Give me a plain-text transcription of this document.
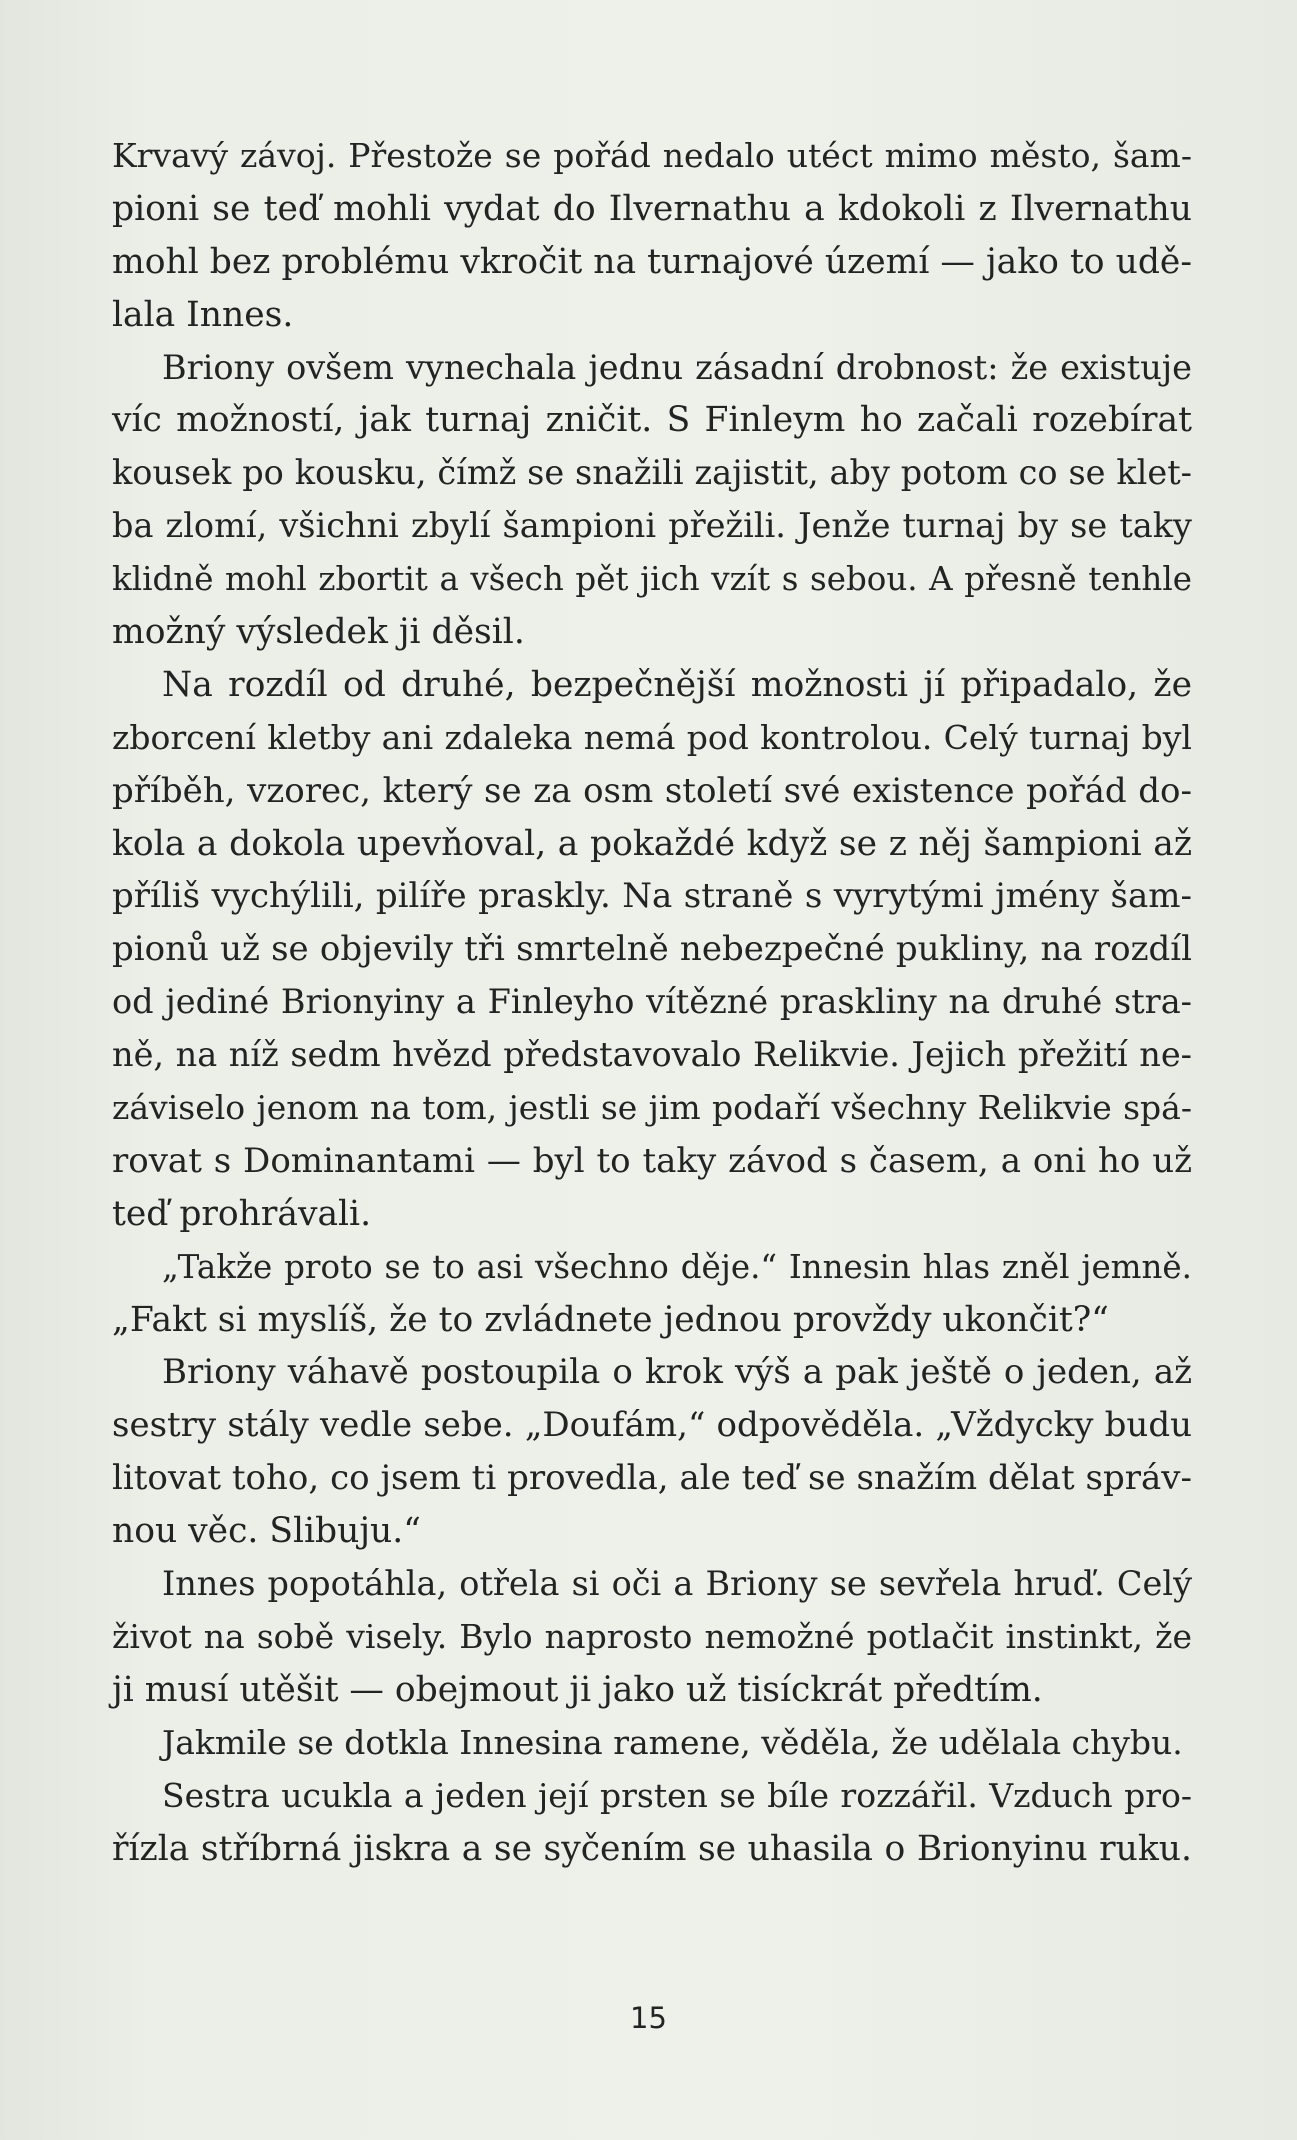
Krvavý závoj. Přestože se pořád nedalo utéct mimo město, šam-
pioni se teď mohli vydat do Ilvernathu a kdokoli z Ilvernathu
mohl bez problému vkročit na turnajové území — jako to udě-
lala Innes.
Briony ovšem vynechala jednu zásadní drobnost: že existuje
víc možností, jak turnaj zničit. S Finleym ho začali rozebírat
kousek po kousku, čímž se snažili zajistit, aby potom co se klet-
ba zlomí, všichni zbylí šampioni přežili. Jenže turnaj by se taky
klidně mohl zbortit a všech pět jich vzít s sebou. A přesně tenhle
možný výsledek ji děsil.
Na rozdíl od druhé, bezpečnější možnosti jí připadalo, že
zborcení kletby ani zdaleka nemá pod kontrolou. Celý turnaj byl
příběh, vzorec, který se za osm století své existence pořád do-
kola a dokola upevňoval, a pokaždé když se z něj šampioni až
příliš vychýlili, pilíře praskly. Na straně s vyrytými jmény šam-
pionů už se objevily tři smrtelně nebezpečné pukliny, na rozdíl
od jediné Brionyiny a Finleyho vítězné praskliny na druhé stra-
ně, na níž sedm hvězd představovalo Relikvie. Jejich přežití ne-
záviselo jenom na tom, jestli se jim podaří všechny Relikvie spá-
rovat s Dominantami — byl to taky závod s časem, a oni ho už
teď prohrávali.
„Takže proto se to asi všechno děje.“ Innesin hlas zněl jemně.
„Fakt si myslíš, že to zvládnete jednou provždy ukončit?“
Briony váhavě postoupila o krok výš a pak ještě o jeden, až
sestry stály vedle sebe. „Doufám,“ odpověděla. „Vždycky budu
litovat toho, co jsem ti provedla, ale teď se snažím dělat správ-
nou věc. Slibuju.“
Innes popotáhla, otřela si oči a Briony se sevřela hruď. Celý
život na sobě visely. Bylo naprosto nemožné potlačit instinkt, že
ji musí utěšit — obejmout ji jako už tisíckrát předtím.
Jakmile se dotkla Innesina ramene, věděla, že udělala chybu.
Sestra ucukla a jeden její prsten se bíle rozzářil. Vzduch pro-
řízla stříbrná jiskra a se syčením se uhasila o Brionyinu ruku.
15
